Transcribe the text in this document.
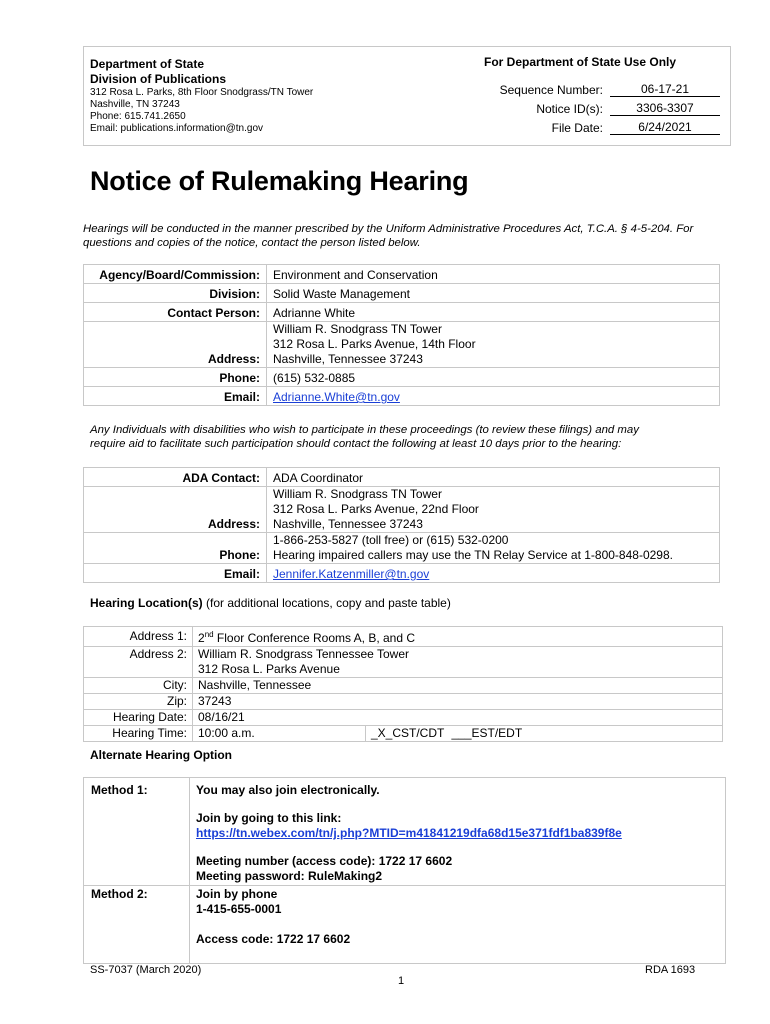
Department of State
Division of Publications
312 Rosa L. Parks, 8th Floor Snodgrass/TN Tower
Nashville, TN 37243
Phone: 615.741.2650
Email: publications.information@tn.gov
For Department of State Use Only
Sequence Number:	06-17-21
Notice ID(s):	3306-3307
File Date:	6/24/2021
Notice of Rulemaking Hearing
Hearings will be conducted in the manner prescribed by the Uniform Administrative Procedures Act, T.C.A. § 4-5-204. For
questions and copies of the notice, contact the person listed below.
Agency/Board/Commission:	Environment and Conservation
Division:	Solid Waste Management
Contact Person:	Adrianne White
Address:	William R. Snodgrass TN Tower
312 Rosa L. Parks Avenue, 14th Floor
Nashville, Tennessee 37243

Phone:	(615) 532-0885
Email:	Adrianne.White@tn.gov
Any Individuals with disabilities who wish to participate in these proceedings (to review these filings) and may
require aid to facilitate such participation should contact the following at least 10 days prior to the hearing:
ADA Contact:	ADA Coordinator
Address:	William R. Snodgrass TN Tower
312 Rosa L. Parks Avenue, 22nd Floor
Nashville, Tennessee 37243

Phone:	1-866-253-5827 (toll free) or (615) 532-0200
Hearing impaired callers may use the TN Relay Service at 1-800-848-0298.

Email:	Jennifer.Katzenmiller@tn.gov
Hearing Location(s) (for additional locations, copy and paste table)
Address 1:	2nd Floor Conference Rooms A, B, and C	
Address 2:	William R. Snodgrass Tennessee Tower
312 Rosa L. Parks Avenue	

City:	Nashville, Tennessee	
Zip:	37243	
Hearing Date:	08/16/21	
Hearing Time:	10:00 a.m.	_X_CST/CDT ___EST/EDT
Alternate Hearing Option
Method 1:	You may also join electronically.
Join by going to this link:
https://tn.webex.com/tn/j.php?MTID=m41841219dfa68d15e371fdf1ba839f8e
Meeting number (access code): 1722 17 6602
Meeting password: RuleMaking2

Method 2:	Join by phone
1-415-655-0001
Access code: 1722 17 6602
SS-7037 (March 2020)
1
RDA 1693
